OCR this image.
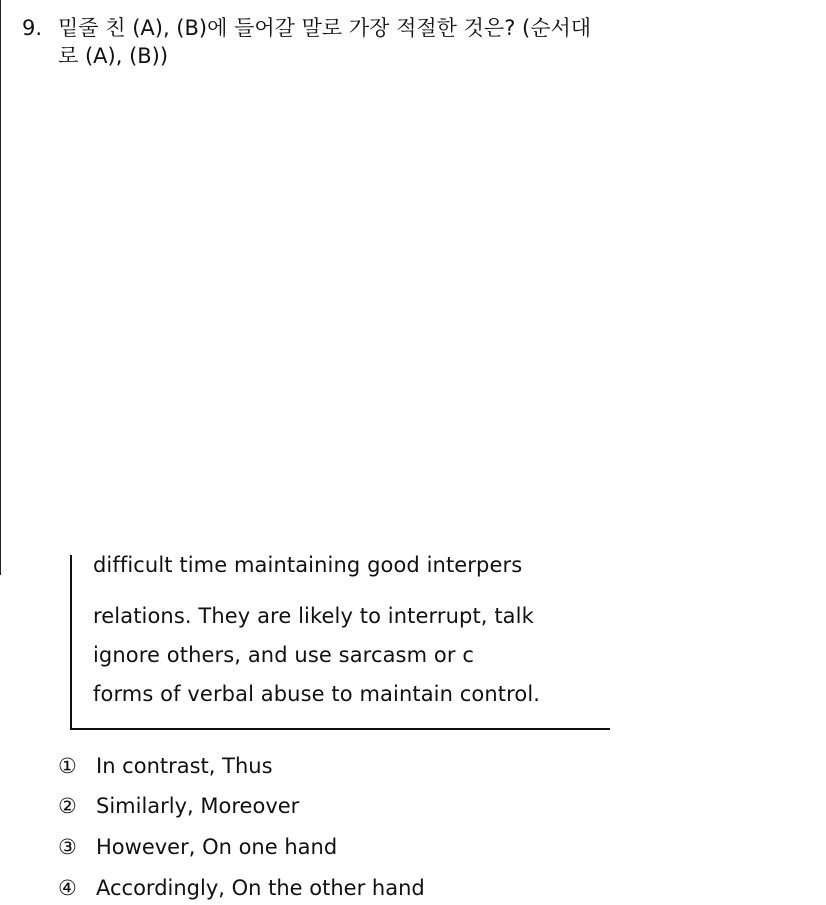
9. 밑줄 친 (A), (B)에 들어갈 말로 가장 적절한 것은? (순서대
로 (A), (B))
difficult time maintaining good interpers
relations. They are likely to interrupt, talk
ignore others, and use sarcasm or c
forms of verbal abuse to maintain control.
① In contrast, Thus
② Similarly, Moreover
③ However, On one hand
④ Accordingly, On the other hand
